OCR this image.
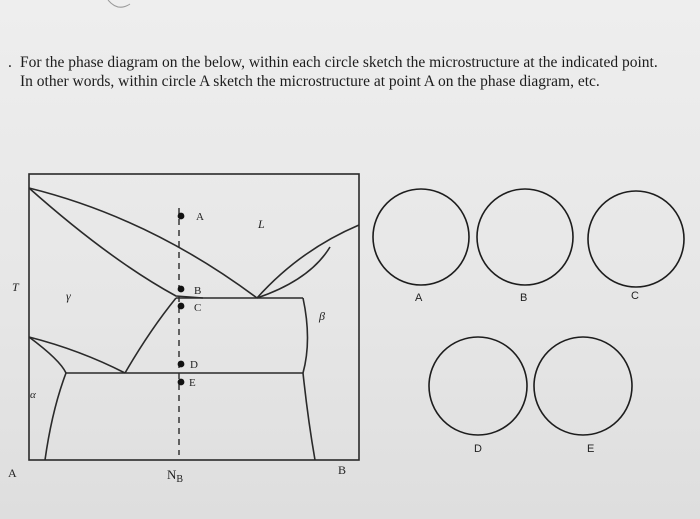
. For the phase diagram on the below, within each circle sketch the microstructure at the indicated point.
In other words, within circle A sketch the microstructure at point A on the phase diagram, etc.
A
B
C
D
E
L
γ
α
β
T
A	B
$N_B$
A	B	C
D	E
